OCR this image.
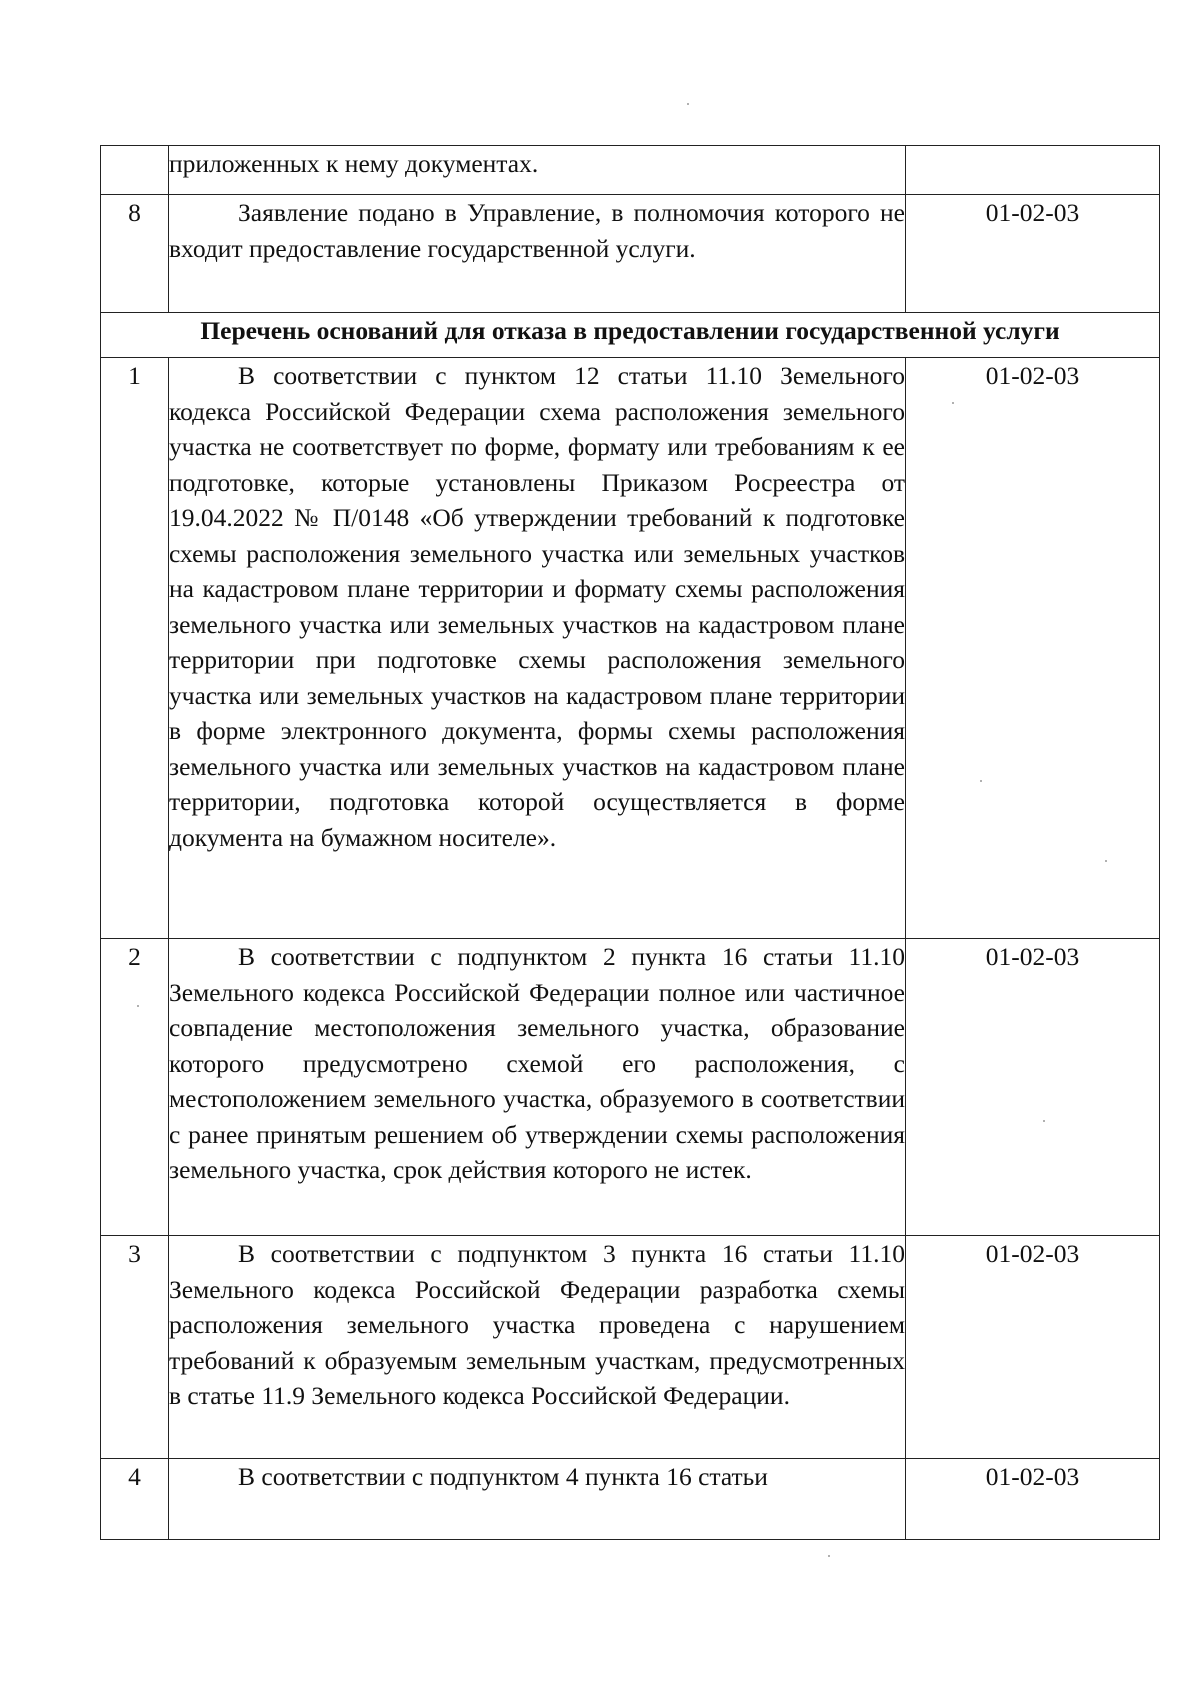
	приложенных к нему документах.	

8	Заявление подано в Управление, в полномочия которого не входит предоставление государственной услуги.	01-02-03
Перечень оснований для отказа в предоставлении государственной услуги		
1	В соответствии с пунктом 12 статьи 11.10 Земельного кодекса Российской Федерации схема расположения земельного участка не соответствует по форме, формату или требованиям к ее подготовке, которые установлены Приказом Росреестра от 19.04.2022 № П/0148 «Об утверждении требований к подготовке схемы расположения земельного участка или земельных участков на кадастровом плане территории и формату схемы расположения земельного участка или земельных участков на кадастровом плане территории при подготовке схемы расположения земельного участка или земельных участков на кадастровом плане территории в форме электронного документа, формы схемы расположения земельного участка или земельных участков на кадастровом плане территории, подготовка которой осуществляется в форме документа на бумажном носителе».	01-02-03
2	В соответствии с подпунктом 2 пункта 16 статьи 11.10 Земельного кодекса Российской Федерации полное или частичное совпадение местоположения земельного участка, образование которого предусмотрено схемой его расположения, с местоположением земельного участка, образуемого в соответствии с ранее принятым решением об утверждении схемы расположения земельного участка, срок действия которого не истек.	01-02-03
3	В соответствии с подпунктом 3 пункта 16 статьи 11.10 Земельного кодекса Российской Федерации разработка схемы расположения земельного участка проведена с нарушением требований к образуемым земельным участкам, предусмотренных в статье 11.9 Земельного кодекса Российской Федерации.	01-02-03
4	В соответствии с подпунктом 4 пункта 16 статьи	01-02-03
